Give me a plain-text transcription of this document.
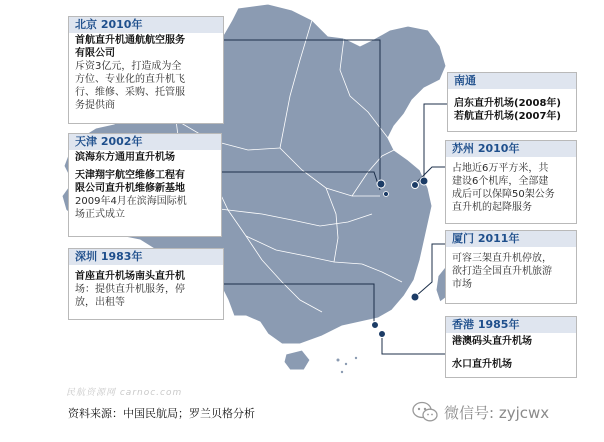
北京 2010年
首航直升机通航航空服务
有限公司
斥资3亿元，打造成为全
方位、专业化的直升机飞
行、维修、采购、托管服
务提供商
天津 2002年
滨海东方通用直升机场
天津翔宇航空维修工程有
限公司直升机维修新基地
2009年4月在滨海国际机
场正式成立
深圳 1983年
首座直升机场南头直升机
场：提供直升机服务，停
放，出租等
南通
启东直升机场(2008年)
若航直升机场(2007年)
苏州 2010年
占地近6万平方米，共
建设6个机库，全部建
成后可以保障50架公务
直升机的起降服务
厦门 2011年
可容三架直升机停放，
欲打造全国直升机旅游
市场
香港 1985年
港澳码头直升机场
水口直升机场
民航资源网 carnoc.com
资料来源：中国民航局；罗兰贝格分析	微信号: zyjcwx
